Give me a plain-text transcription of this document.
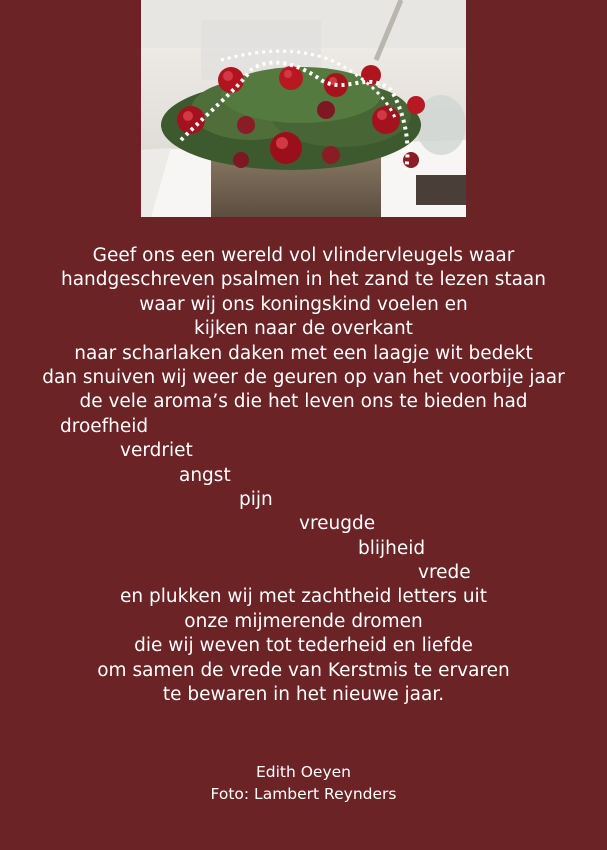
Geef ons een wereld vol vlindervleugels waar
handgeschreven psalmen in het zand te lezen staan
waar wij ons koningskind voelen en
kijken naar de overkant
naar scharlaken daken met een laagje wit bedekt
dan snuiven wij weer de geuren op van het voorbije jaar
de vele aroma’s die het leven ons te bieden had
droefheid
verdriet
angst
pijn
vreugde
blijheid
vrede
en plukken wij met zachtheid letters uit
onze mijmerende dromen
die wij weven tot tederheid en liefde
om samen de vrede van Kerstmis te ervaren
te bewaren in het nieuwe jaar.
Edith Oeyen
Foto: Lambert Reynders
